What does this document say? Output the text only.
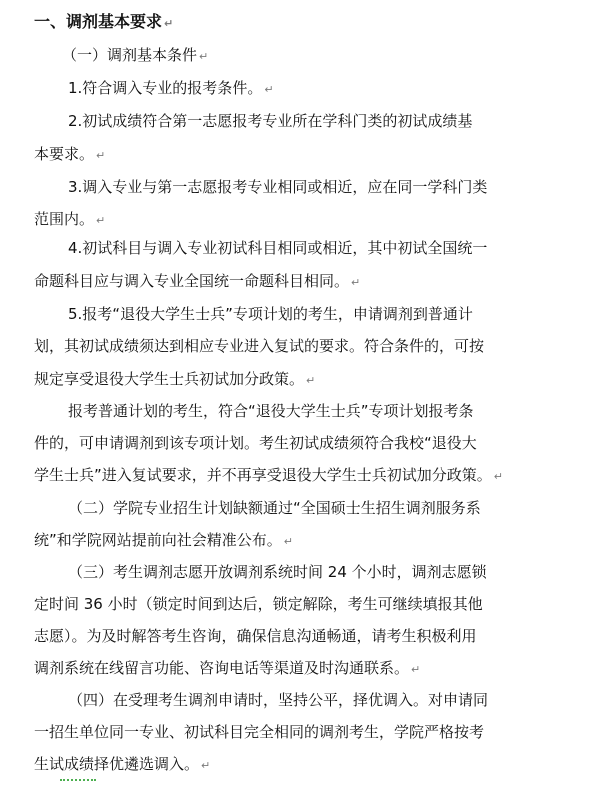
一、调剂基本要求 ↵
（一）调剂基本条件 ↵
1.符合调入专业的报考条件。 ↵
2.初试成绩符合第一志愿报考专业所在学科门类的初试成绩基
本要求。 ↵
3.调入专业与第一志愿报考专业相同或相近，应在同一学科门类
范围内。 ↵
4.初试科目与调入专业初试科目相同或相近，其中初试全国统一
命题科目应与调入专业全国统一命题科目相同。 ↵
5.报考“退役大学生士兵”专项计划的考生，申请调剂到普通计
划，其初试成绩须达到相应专业进入复试的要求。符合条件的，可按
规定享受退役大学生士兵初试加分政策。 ↵
报考普通计划的考生，符合“退役大学生士兵”专项计划报考条
件的，可申请调剂到该专项计划。考生初试成绩须符合我校“退役大
学生士兵”进入复试要求，并不再享受退役大学生士兵初试加分政策。 ↵
（二）学院专业招生计划缺额通过“全国硕士生招生调剂服务系
统”和学院网站提前向社会精准公布。 ↵
（三）考生调剂志愿开放调剂系统时间 24 个小时，调剂志愿锁
定时间 36 小时（锁定时间到达后，锁定解除，考生可继续填报其他
志愿）。为及时解答考生咨询，确保信息沟通畅通，请考生积极利用
调剂系统在线留言功能、咨询电话等渠道及时沟通联系。 ↵
（四）在受理考生调剂申请时，坚持公平，择优调入。对申请同
一招生单位同一专业、初试科目完全相同的调剂考生，学院严格按考
生试成绩择优遴选调入。 ↵
